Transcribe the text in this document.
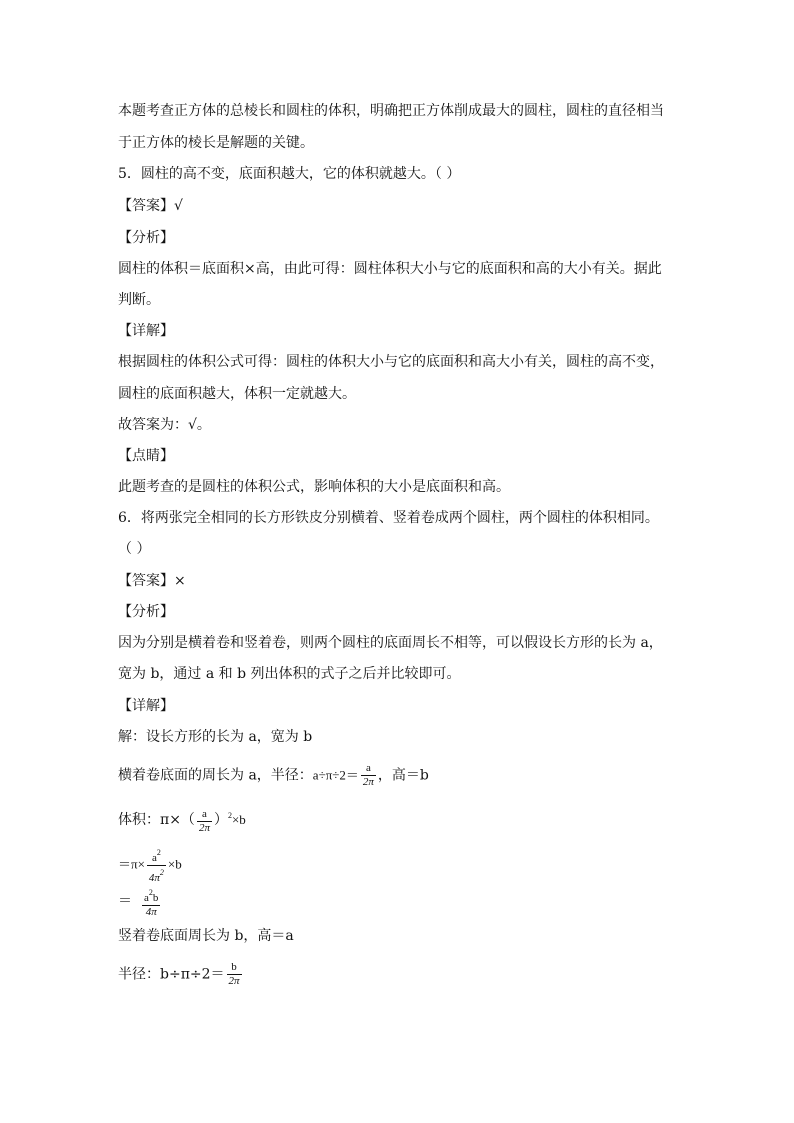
本题考查正方体的总棱长和圆柱的体积，明确把正方体削成最大的圆柱，圆柱的直径相当
于正方体的棱长是解题的关键。
5．圆柱的高不变，底面积越大，它的体积就越大。（ ）
【答案】√
【分析】
圆柱的体积＝底面积×高，由此可得：圆柱体积大小与它的底面积和高的大小有关。据此
判断。
【详解】
根据圆柱的体积公式可得：圆柱的体积大小与它的底面积和高大小有关，圆柱的高不变，
圆柱的底面积越大，体积一定就越大。
故答案为：√。
【点睛】
此题考查的是圆柱的体积公式，影响体积的大小是底面积和高。
6．将两张完全相同的长方形铁皮分别横着、竖着卷成两个圆柱，两个圆柱的体积相同。
（ ）
【答案】×
【分析】
因为分别是横着卷和竖着卷，则两个圆柱的底面周长不相等，可以假设长方形的长为 a，
宽为 b，通过 a 和 b 列出体积的式子之后并比较即可。
【详解】
解：设长方形的长为 a，宽为 b
横着卷底面的周长为 a，半径：$a\div\pi\div 2= \frac{a}{2\pi}$ ，高＝b
体积：$\pi\times( \frac{a}{2\pi} )^2\times b$
$=\pi\times \frac{a^2}{4\pi^2} \times b$
＝ $\frac{a^2b}{4\pi}$
竖着卷底面周长为 b，高＝a
半径：$b\div\pi\div 2= \frac{b}{2\pi}$
